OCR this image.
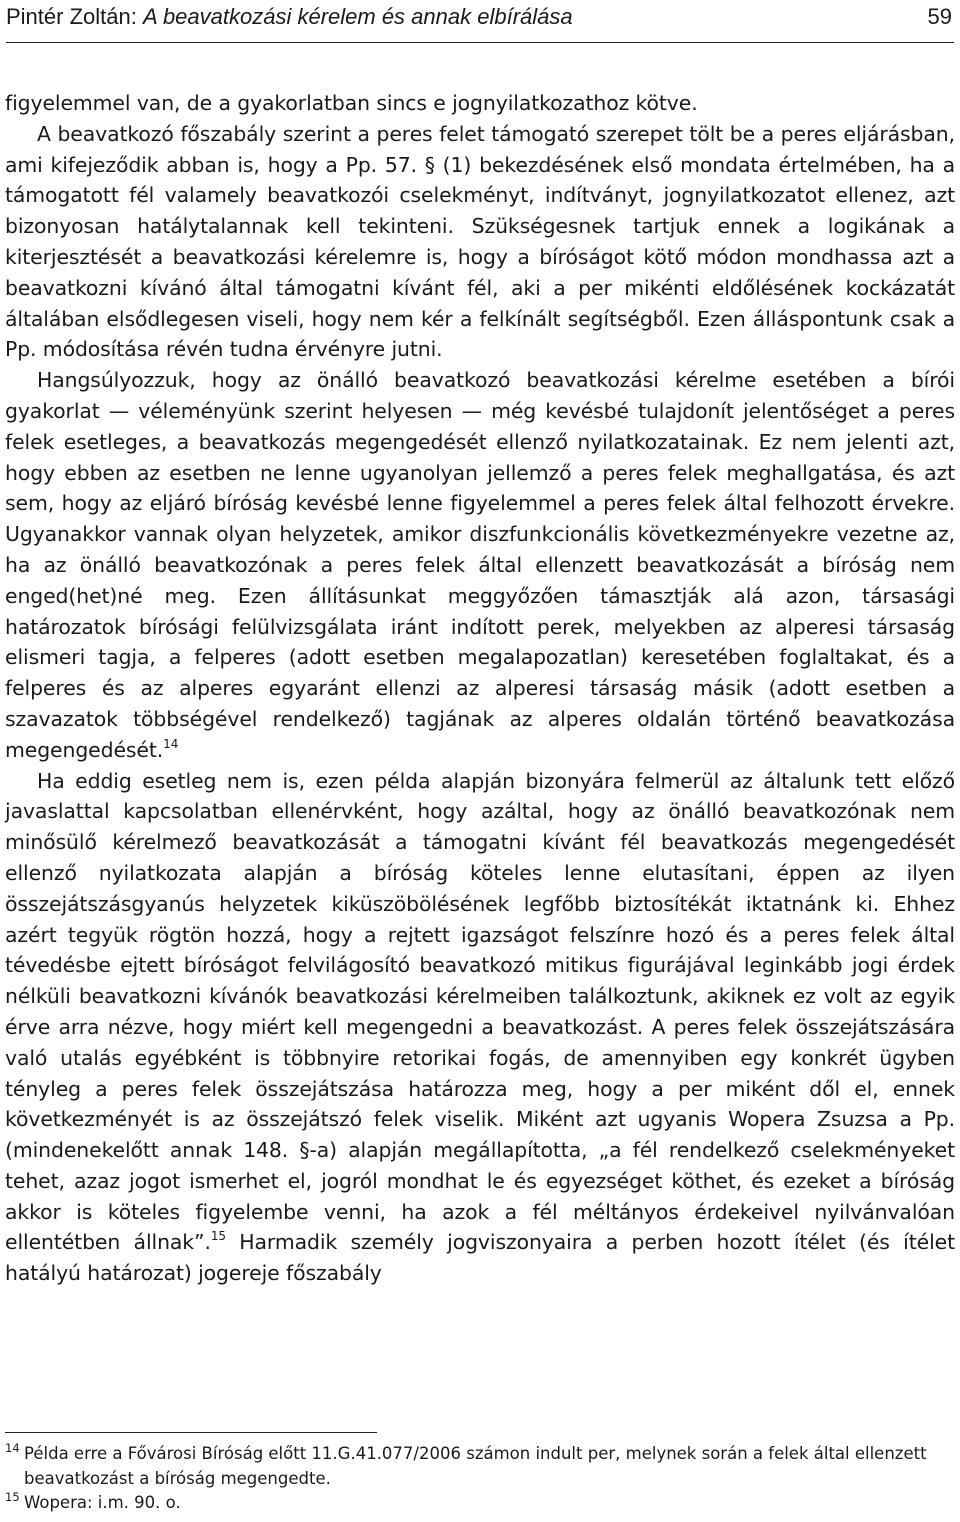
Pintér Zoltán: A beavatkozási kérelem és annak elbírálása	59

figyelemmel van, de a gyakorlatban sincs e jognyilatkozathoz kötve.

A beavatkozó főszabály szerint a peres felet támogató szerepet tölt be a peres eljárásban, ami kifejeződik abban is, hogy a Pp. 57. § (1) bekezdésének első mondata értelmében, ha a támogatott fél valamely beavatkozói cselekményt, indítványt, jognyilatkozatot ellenez, azt bizonyosan hatálytalannak kell tekinteni. Szükségesnek tartjuk ennek a logikának a kiterjesztését a beavatkozási kérelemre is, hogy a bíróságot kötő módon mondhassa azt a beavatkozni kívánó által támogatni kívánt fél, aki a per mikénti eldőlésének kockázatát általában elsődlegesen viseli, hogy nem kér a felkínált segítségből. Ezen álláspontunk csak a Pp. módosítása révén tudna érvényre jutni.

Hangsúlyozzuk, hogy az önálló beavatkozó beavatkozási kérelme esetében a bírói gyakorlat — véleményünk szerint helyesen — még kevésbé tulajdonít jelentőséget a peres felek esetleges, a beavatkozás megengedését ellenző nyilatkozatainak. Ez nem jelenti azt, hogy ebben az esetben ne lenne ugyanolyan jellemző a peres felek meghallgatása, és azt sem, hogy az eljáró bíróság kevésbé lenne figyelemmel a peres felek által felhozott érvekre. Ugyanakkor vannak olyan helyzetek, amikor diszfunkcionális következményekre vezetne az, ha az önálló beavatkozónak a peres felek által ellenzett beavatkozását a bíróság nem enged(het)né meg. Ezen állításunkat meggyőzően támasztják alá azon, társasági határozatok bírósági felülvizsgálata iránt indított perek, melyekben az alperesi társaság elismeri tagja, a felperes (adott esetben megalapozatlan) keresetében foglaltakat, és a felperes és az alperes egyaránt ellenzi az alperesi társaság másik (adott esetben a szavazatok többségével rendelkező) tagjának az alperes oldalán történő beavatkozása megengedését.$^{14}$

Ha eddig esetleg nem is, ezen példa alapján bizonyára felmerül az általunk tett előző javaslattal kapcsolatban ellenérvként, hogy azáltal, hogy az önálló beavatkozónak nem minősülő kérelmező beavatkozását a támogatni kívánt fél beavatkozás megengedését ellenző nyilatkozata alapján a bíróság köteles lenne elutasítani, éppen az ilyen összejátszásgyanús helyzetek kiküszöbölésének legfőbb biztosítékát iktatnánk ki. Ehhez azért tegyük rögtön hozzá, hogy a rejtett igazságot felszínre hozó és a peres felek által tévedésbe ejtett bíróságot felvilágosító beavatkozó mitikus figurájával leginkább jogi érdek nélküli beavatkozni kívánók beavatkozási kérelmeiben találkoztunk, akiknek ez volt az egyik érve arra nézve, hogy miért kell megengedni a beavatkozást. A peres felek összejátszására való utalás egyébként is többnyire retorikai fogás, de amennyiben egy konkrét ügyben tényleg a peres felek összejátszása határozza meg, hogy a per miként dől el, ennek következményét is az összejátszó felek viselik. Miként azt ugyanis Wopera Zsuzsa a Pp. (mindenekelőtt annak 148. §-a) alapján megállapította, „a fél rendelkező cselekményeket tehet, azaz jogot ismerhet el, jogról mondhat le és egyezséget köthet, és ezeket a bíróság akkor is köteles figyelembe venni, ha azok a fél méltányos érdekeivel nyilvánvalóan ellentétben állnak”.$^{15}$ Harmadik személy jogviszonyaira a perben hozott ítélet (és ítélet hatályú határozat) jogereje főszabály

14 Példa erre a Fővárosi Bíróság előtt 11.G.41.077/2006 számon indult per, melynek során a felek által ellenzett beavatkozást a bíróság megengedte.
15 Wopera: i.m. 90. o.
